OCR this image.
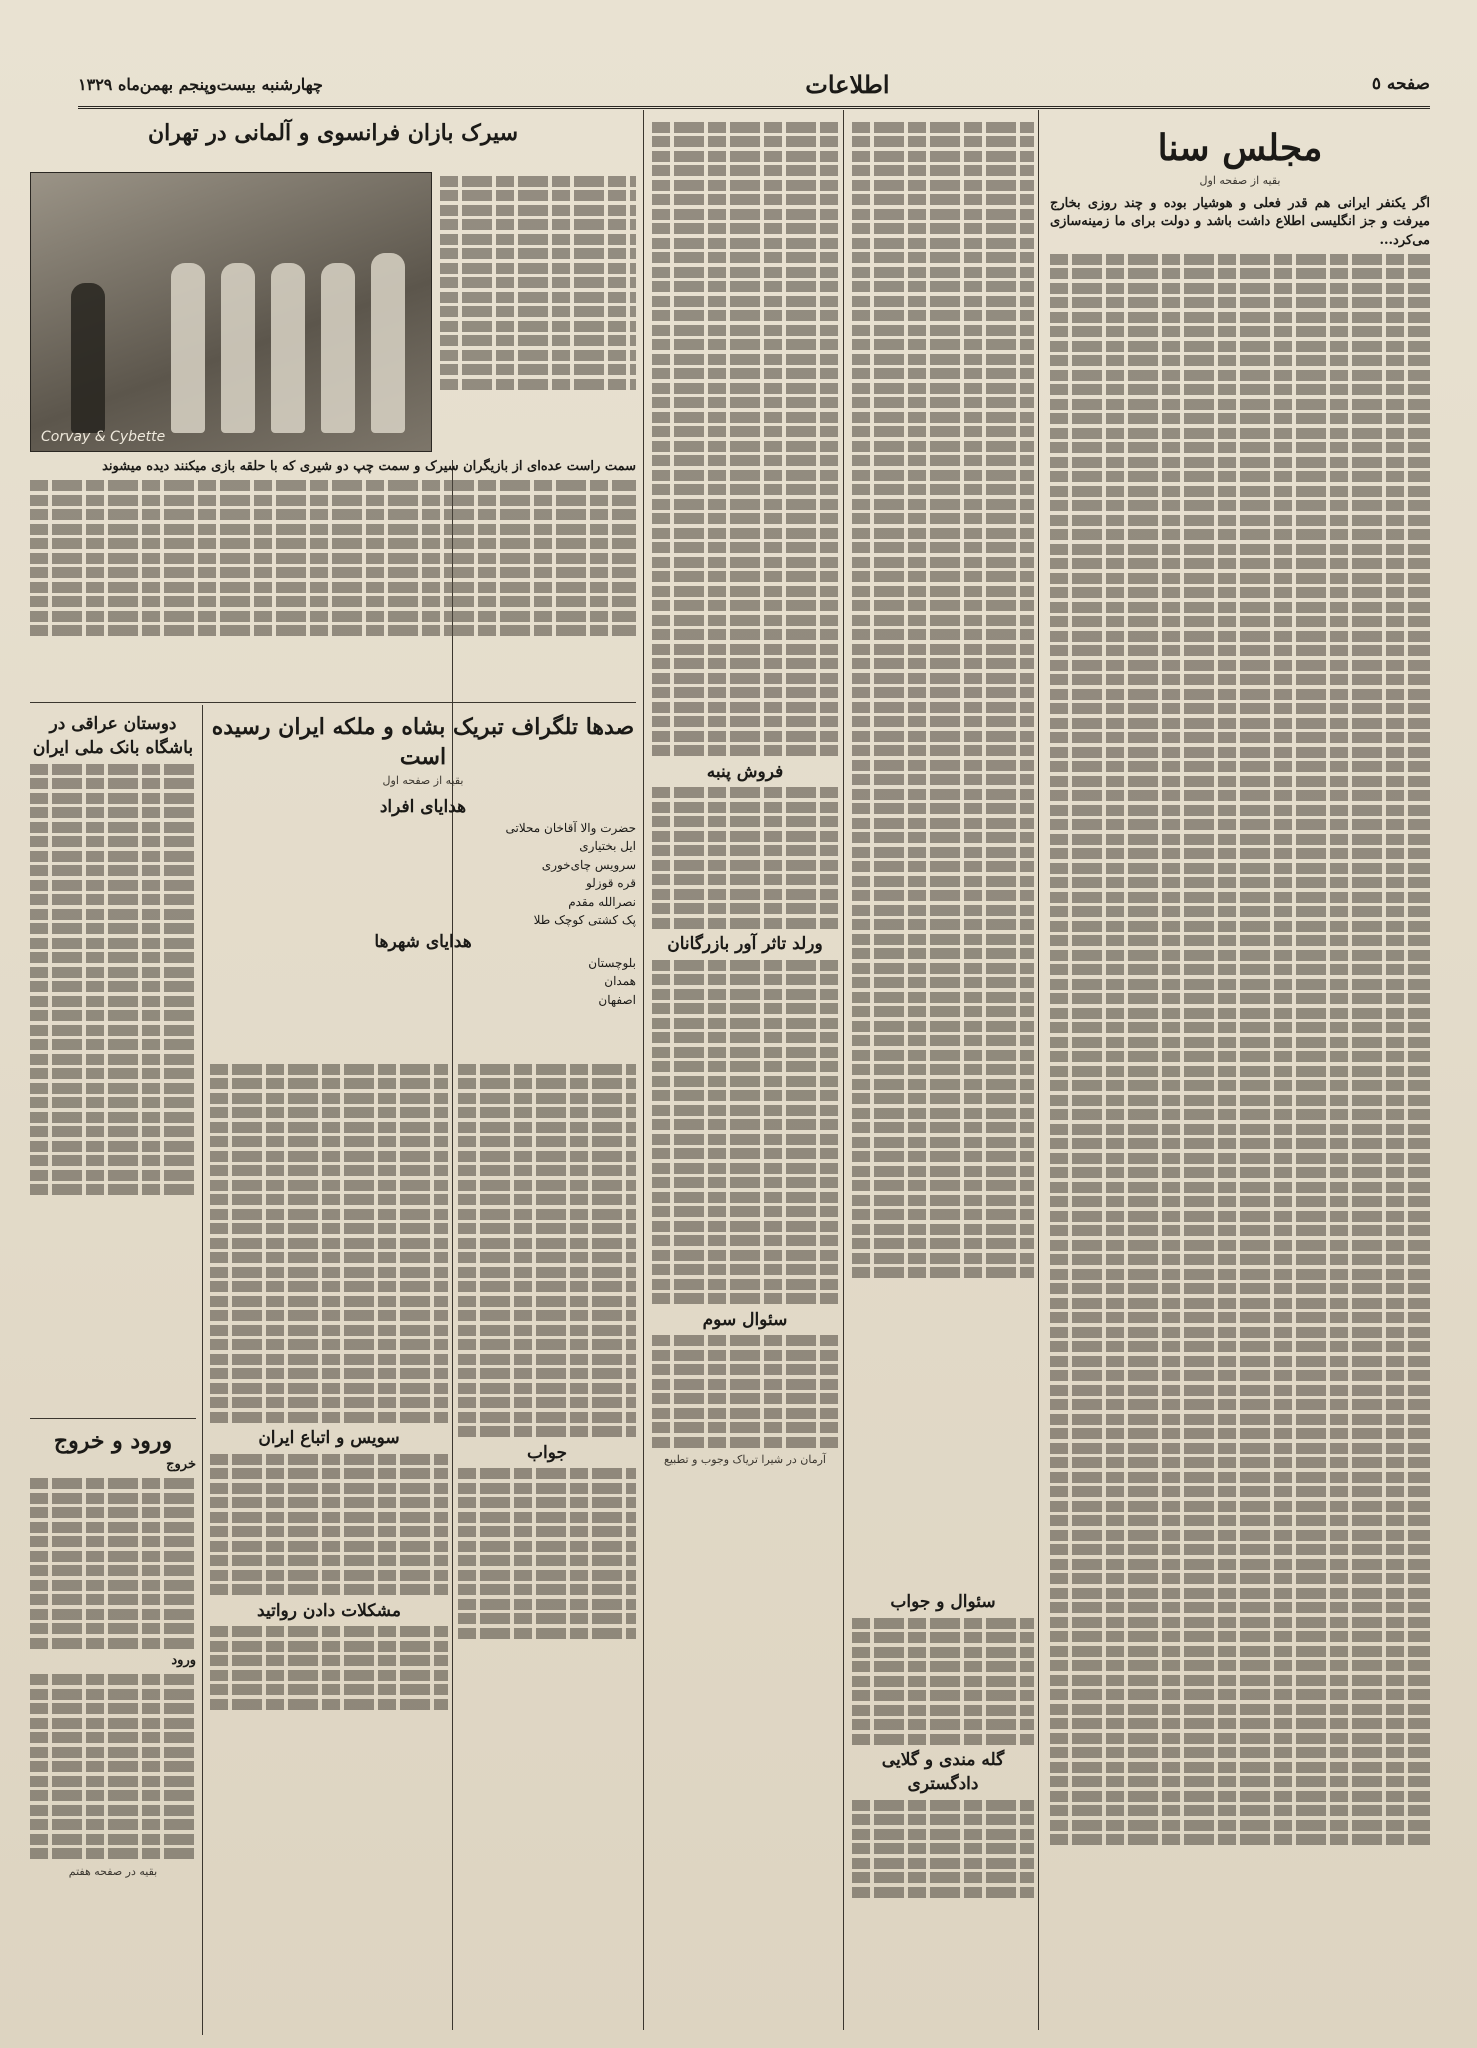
صفحه ٥
اطلاعات
چهارشنبه بیست‌وپنجم بهمن‌ماه ۱۳۲۹
مجلس سنا
بقیه از صفحه اول
اگر یکنفر ایرانی هم قدر فعلی و هوشیار بوده و چند روزی بخارج میرفت و جز انگلیسی اطلاع داشت باشد و دولت برای ما زمینه‌سازی می‌کرد...
سئوال و جواب
گله مندی و گلایی دادگستری
فروش پنبه
ورلد تاثر آور بازرگانان
سئوال سوم
آرمان در شیرا تریاک وجوب و تطبیع
سیرک بازان فرانسوی و آلمانی در تهران
Corvay & Cybette
سمت راست عده‌ای از بازیگران سیرک و سمت چپ دو شیری که با حلقه بازی میکنند دیده میشوند
صدها تلگراف تبریک بشاه و ملکه ایران رسیده است
بقیه از صفحه اول
هدایای افراد
حضرت والا آقاخان محلاتی
ایل بختیاری
سرویس چای‌خوری
قره قوزلو
نصرالله مقدم
پک کشتی کوچک طلا
هدایای شهرها
بلوچستان
همدان
اصفهان
سویس و اتباع ایران
مشکلات دادن رواتید
جواب
دوستان عراقی در باشگاه بانک ملی ایران
ورود و خروج
خروج
ورود
بقیه در صفحه هفتم
